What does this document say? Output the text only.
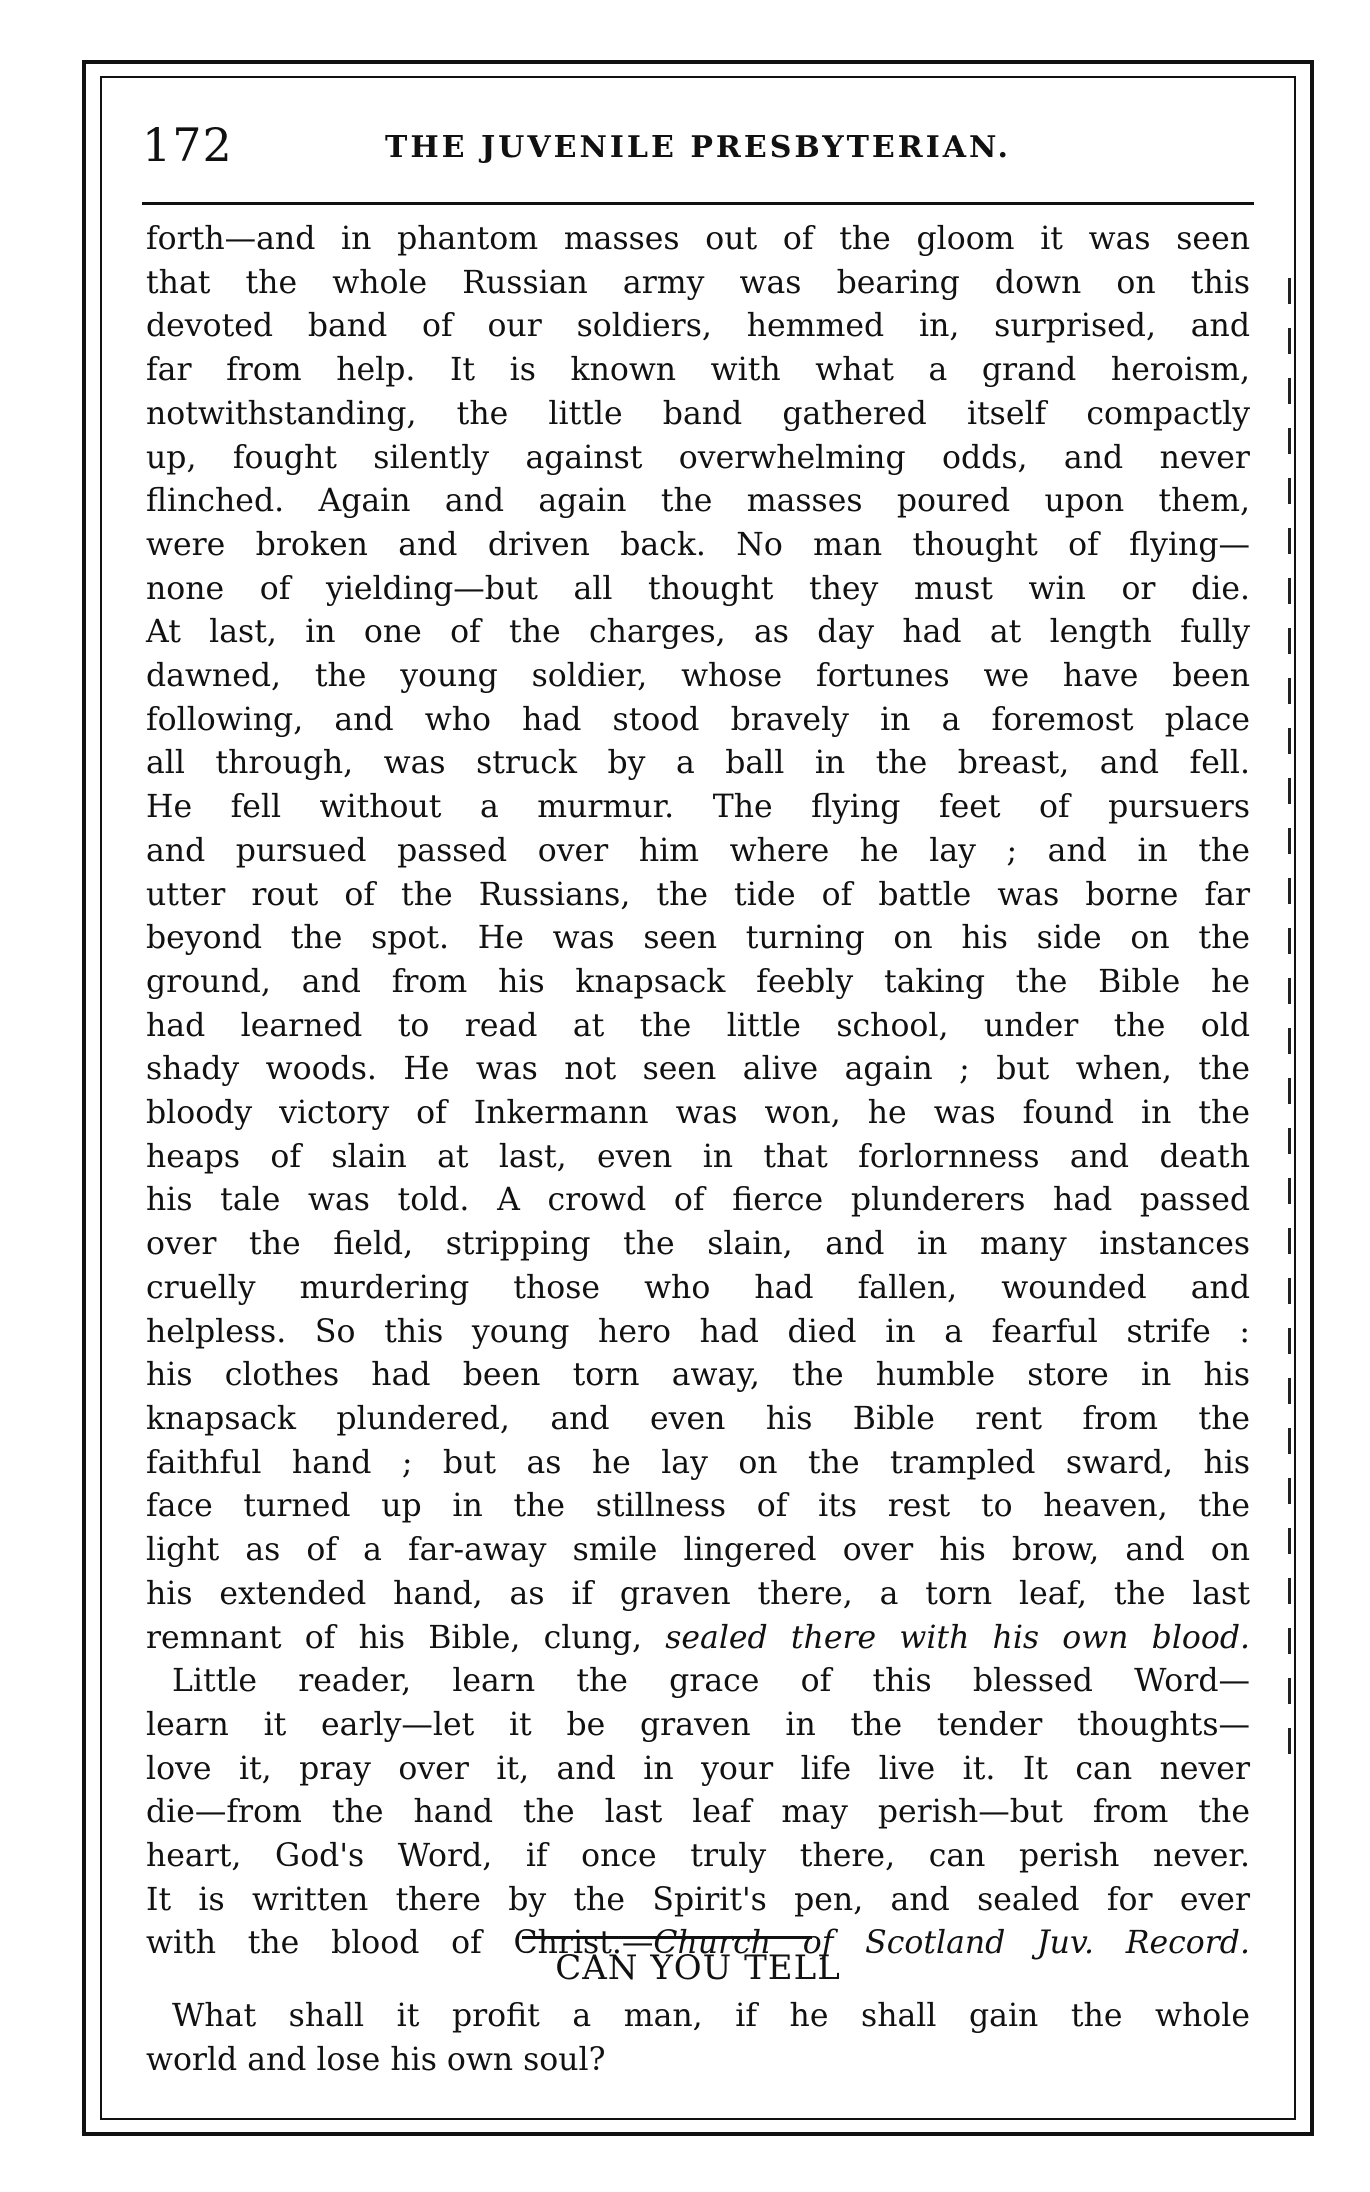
172	THE JUVENILE PRESBYTERIAN.
forth—and in phantom masses out of the gloom it was seen
that the whole Russian army was bearing down on this
devoted band of our soldiers, hemmed in, surprised, and
far from help. It is known with what a grand heroism,
notwithstanding, the little band gathered itself compactly
up, fought silently against overwhelming odds, and never
flinched. Again and again the masses poured upon them,
were broken and driven back. No man thought of flying—
none of yielding—but all thought they must win or die.
At last, in one of the charges, as day had at length fully
dawned, the young soldier, whose fortunes we have been
following, and who had stood bravely in a foremost place
all through, was struck by a ball in the breast, and fell.
He fell without a murmur. The flying feet of pursuers
and pursued passed over him where he lay ; and in the
utter rout of the Russians, the tide of battle was borne far
beyond the spot. He was seen turning on his side on the
ground, and from his knapsack feebly taking the Bible he
had learned to read at the little school, under the old
shady woods. He was not seen alive again ; but when, the
bloody victory of Inkermann was won, he was found in the
heaps of slain at last, even in that forlornness and death
his tale was told. A crowd of fierce plunderers had passed
over the field, stripping the slain, and in many instances
cruelly murdering those who had fallen, wounded and
helpless. So this young hero had died in a fearful strife :
his clothes had been torn away, the humble store in his
knapsack plundered, and even his Bible rent from the
faithful hand ; but as he lay on the trampled sward, his
face turned up in the stillness of its rest to heaven, the
light as of a far-away smile lingered over his brow, and on
his extended hand, as if graven there, a torn leaf, the last
remnant of his Bible, clung, sealed there with his own blood.
Little reader, learn the grace of this blessed Word—
learn it early—let it be graven in the tender thoughts—
love it, pray over it, and in your life live it. It can never
die—from the hand the last leaf may perish—but from the
heart, God's Word, if once truly there, can perish never.
It is written there by the Spirit's pen, and sealed for ever
with the blood of Christ.—Church of Scotland Juv. Record.
CAN YOU TELL
What shall it profit a man, if he shall gain the whole
world and lose his own soul?
